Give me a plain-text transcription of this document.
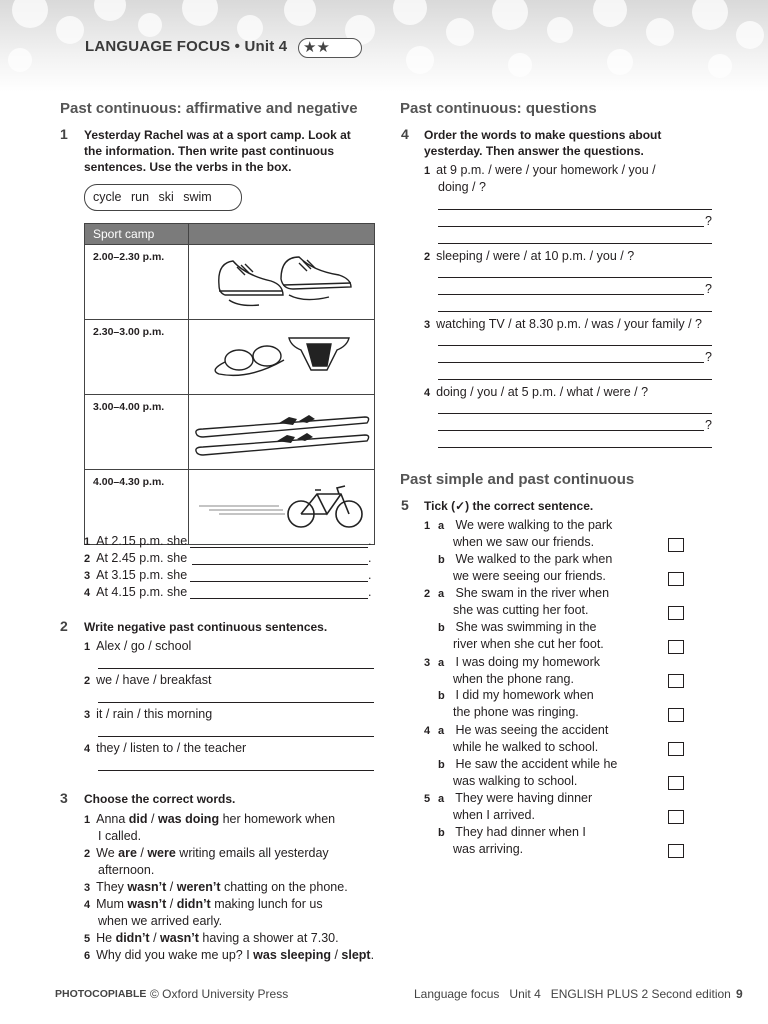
LANGUAGE FOCUS • Unit 4	★★
Past continuous: affirmative and negative
1 Yesterday Rachel was at a sport camp. Look at
the information. Then write past continuous
sentences. Use the verbs in the box.
cycle run ski swim
Sport camp	
2.00–2.30 p.m.	
2.30–3.00 p.m.	
3.00–4.00 p.m.	
4.00–4.30 p.m.	
1 At 2.15 p.m. she	.
2 At 2.45 p.m. she	.
3 At 3.15 p.m. she	.
4 At 4.15 p.m. she	.
2 Write negative past continuous sentences.
1 Alex / go / school
2 we / have / breakfast
3 it / rain / this morning
4 they / listen to / the teacher
3 Choose the correct words.
1 Anna did / was doing her homework when
I called.
2 We are / were writing emails all yesterday
afternoon.
3 They wasn’t / weren’t chatting on the phone.
4 Mum wasn’t / didn’t making lunch for us
when we arrived early.
5 He didn’t / wasn’t having a shower at 7.30.
6 Why did you wake me up? I was sleeping / slept.
Past continuous: questions
4 Order the words to make questions about
yesterday. Then answer the questions.
1 at 9 p.m. / were / your homework / you /
doing / ?
?
2 sleeping / were / at 10 p.m. / you / ?
?
3 watching TV / at 8.30 p.m. / was / your family / ?
?
4 doing / you / at 5 p.m. / what / were / ?
?
Past simple and past continuous
5 Tick (✓) the correct sentence.
1 a We were walking to the park
when we saw our friends.
b We walked to the park when
we were seeing our friends.
2 a She swam in the river when
she was cutting her foot.
b She was swimming in the
river when she cut her foot.
3 a I was doing my homework
when the phone rang.
b I did my homework when
the phone was ringing.
4 a He was seeing the accident
while he walked to school.
b He saw the accident while he
was walking to school.
5 a They were having dinner
when I arrived.
b They had dinner when I
was arriving.
PHOTOCOPIABLE © Oxford University Press	Language focus   Unit 4   ENGLISH PLUS 2 Second edition 9
